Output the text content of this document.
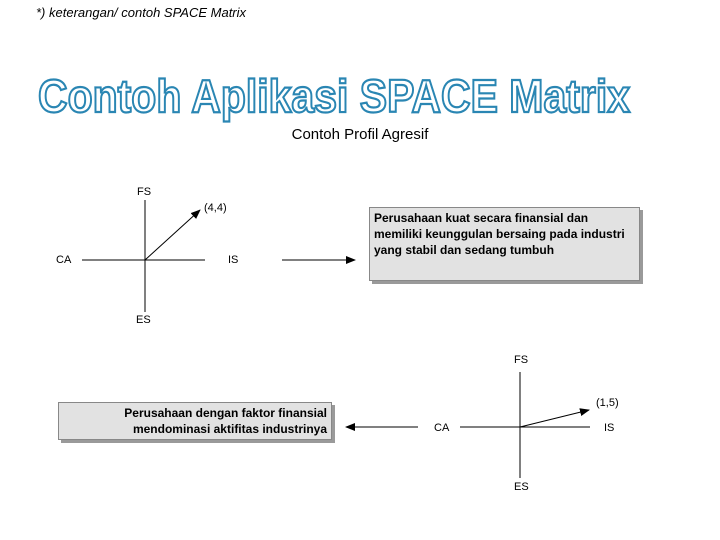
*) keterangan/ contoh SPACE Matrix
Contoh Aplikasi SPACE Matrix
Contoh Profil Agresif
FS
(4,4)
CA	IS
ES
Perusahaan kuat secara finansial dan memiliki keunggulan bersaing pada industri yang stabil dan sedang tumbuh
FS
(1,5)
CA	IS
ES
Perusahaan dengan faktor finansial mendominasi aktifitas industrinya
